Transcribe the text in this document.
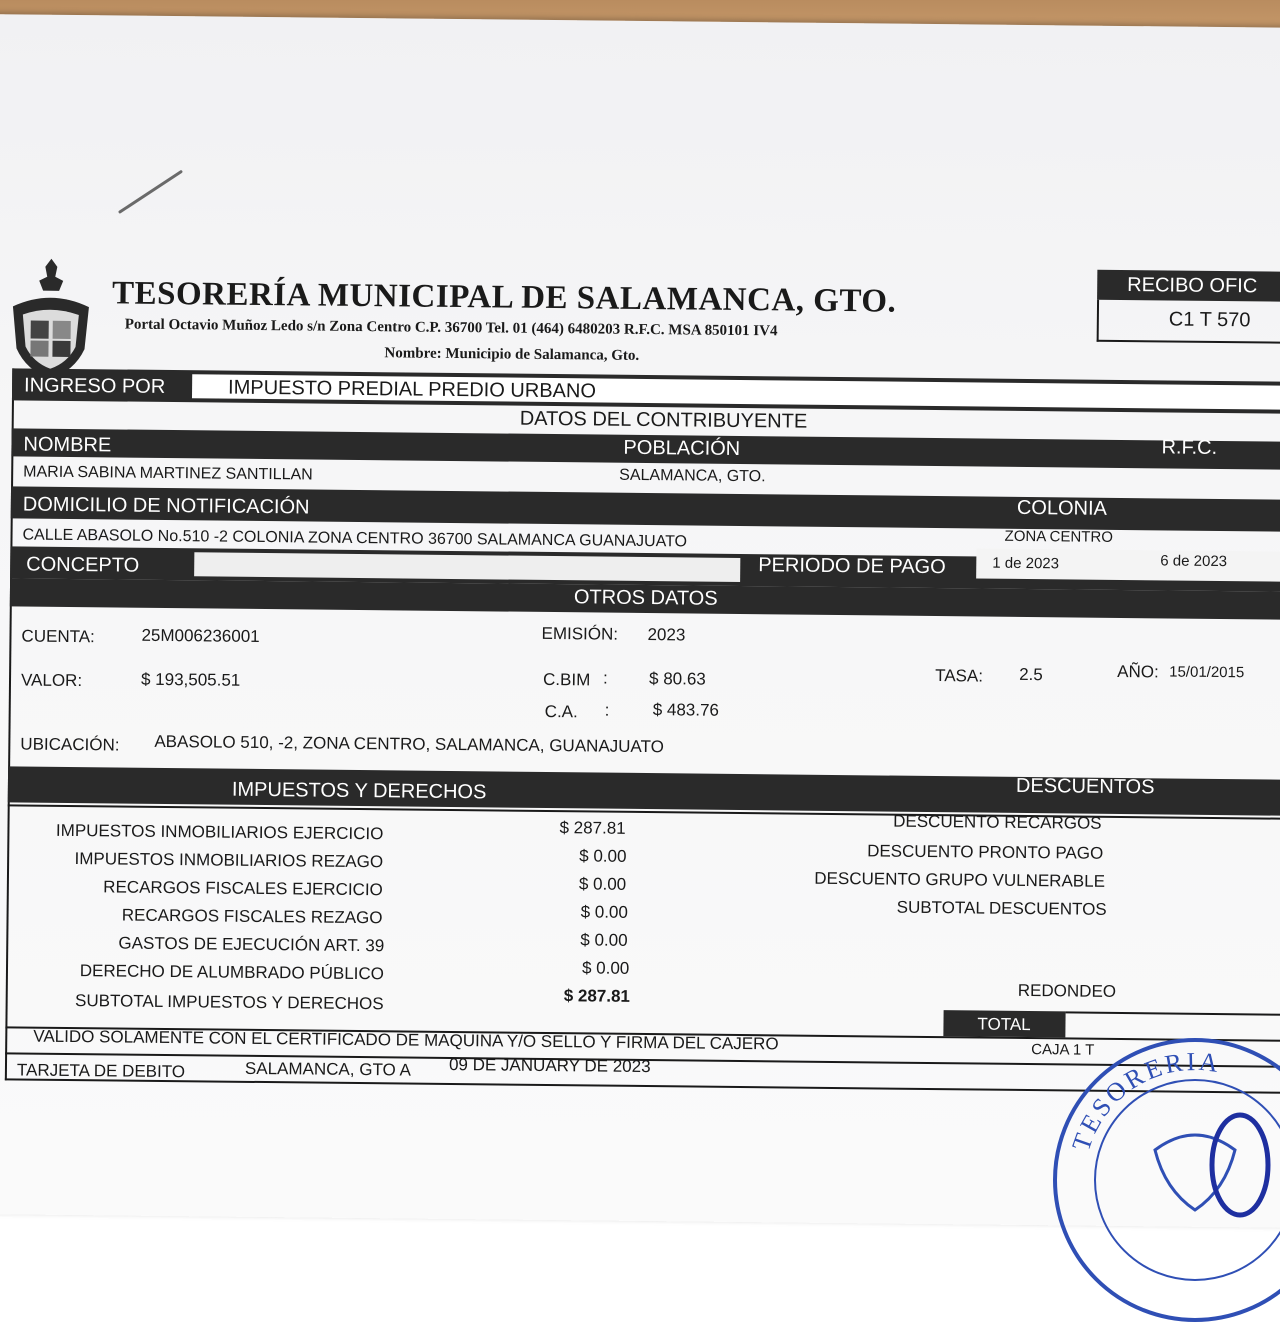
TESORERÍA MUNICIPAL DE SALAMANCA, GTO.
Portal Octavio Muñoz Ledo s/n Zona Centro C.P. 36700 Tel. 01 (464) 6480203 R.F.C. MSA 850101 IV4
Nombre: Municipio de Salamanca, Gto.
RECIBO OFIC
C1 T 570
INGRESO POR	IMPUESTO PREDIAL PREDIO URBANO
DATOS DEL CONTRIBUYENTE
NOMBRE	POBLACIÓN	R.F.C.
MARIA SABINA MARTINEZ SANTILLAN	SALAMANCA, GTO.
DOMICILIO DE NOTIFICACIÓN	COLONIA
CALLE ABASOLO No.510 -2 COLONIA ZONA CENTRO 36700 SALAMANCA GUANAJUATO	ZONA CENTRO
CONCEPTO	PERIODO DE PAGO	1 de 2023	6 de 2023
OTROS DATOS
CUENTA:	25M006236001	EMISIÓN: 2023
VALOR:	$ 193,505.51	C.BIM : $ 80.63	TASA: 2.5	AÑO: 15/01/2015
C.A. :	$ 483.76
UBICACIÓN: ABASOLO 510, -2, ZONA CENTRO, SALAMANCA, GUANAJUATO
IMPUESTOS Y DERECHOS	DESCUENTOS
IMPUESTOS INMOBILIARIOS EJERCICIO	$ 287.81
IMPUESTOS INMOBILIARIOS REZAGO	$ 0.00
RECARGOS FISCALES EJERCICIO	$ 0.00
RECARGOS FISCALES REZAGO	$ 0.00
GASTOS DE EJECUCIÓN ART. 39	$ 0.00
DERECHO DE ALUMBRADO PÚBLICO	$ 0.00
SUBTOTAL IMPUESTOS Y DERECHOS	$ 287.81
DESCUENTO RECARGOS
DESCUENTO PRONTO PAGO
DESCUENTO GRUPO VULNERABLE
SUBTOTAL DESCUENTOS
REDONDEO
TOTAL
VALIDO SOLAMENTE CON EL CERTIFICADO DE MAQUINA Y/O SELLO Y FIRMA DEL CAJERO	CAJA 1 T
TARJETA DE DEBITO	SALAMANCA, GTO A 09 DE JANUARY DE 2023
TESORERIA
